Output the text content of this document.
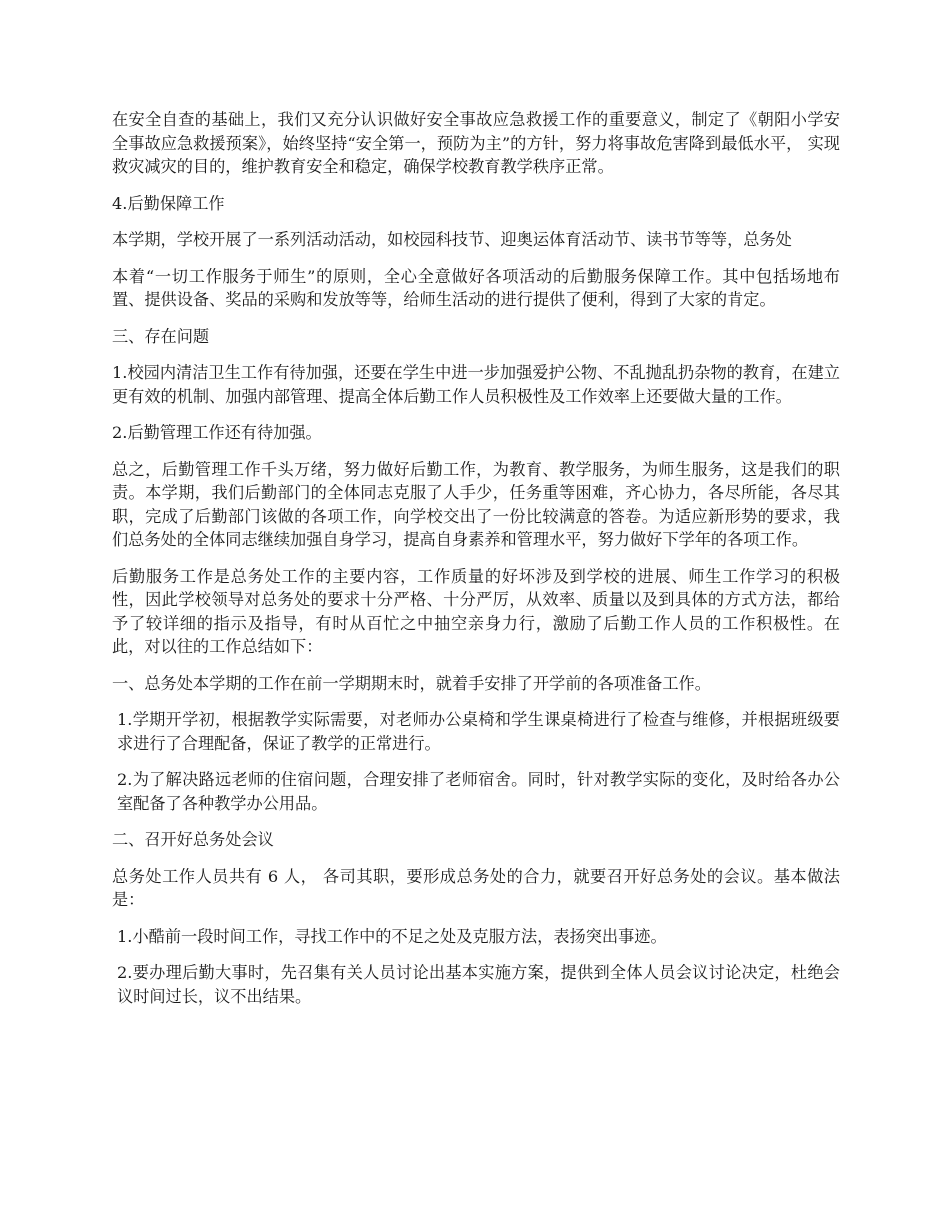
在安全自查的基础上，我们又充分认识做好安全事故应急救援工作的重要意义，制定了《朝阳小学安全事故应急救援预案》，始终坚持“安全第一，预防为主”的方针，努力将事故危害降到最低水平， 实现救灾减灾的目的，维护教育安全和稳定，确保学校教育教学秩序正常。

4.后勤保障工作

本学期，学校开展了一系列活动活动，如校园科技节、迎奥运体育活动节、读书节等等，总务处

本着“一切工作服务于师生”的原则，全心全意做好各项活动的后勤服务保障工作。其中包括场地布 置、提供设备、奖品的采购和发放等等，给师生活动的进行提供了便利，得到了大家的肯定。

三、存在问题

1.校园内清洁卫生工作有待加强，还要在学生中进一步加强爱护公物、不乱抛乱扔杂物的教育，在建立更有效的机制、加强内部管理、提高全体后勤工作人员积极性及工作效率上还要做大量的工作。

2.后勤管理工作还有待加强。

总之，后勤管理工作千头万绪，努力做好后勤工作，为教育、教学服务，为师生服务，这是我们的职责。本学期，我们后勤部门的全体同志克服了人手少，任务重等困难，齐心协力，各尽所能，各尽其职，完成了后勤部门该做的各项工作，向学校交出了一份比较满意的答卷。为适应新形势的要求，我们总务处的全体同志继续加强自身学习，提高自身素养和管理水平，努力做好下学年的各项工作。

后勤服务工作是总务处工作的主要内容，工作质量的好坏涉及到学校的进展、师生工作学习的积极性，因此学校领导对总务处的要求十分严格、十分严厉，从效率、质量以及到具体的方式方法，都给予了较详细的指示及指导，有时从百忙之中抽空亲身力行，激励了后勤工作人员的工作积极性。在此，对以往的工作总结如下：

一、总务处本学期的工作在前一学期期末时，就着手安排了开学前的各项准备工作。

1.学期开学初，根据教学实际需要，对老师办公桌椅和学生课桌椅进行了检查与维修，并根据班级要求进行了合理配备，保证了教学的正常进行。

2.为了解决路远老师的住宿问题，合理安排了老师宿舍。同时，针对教学实际的变化，及时给各办公室配备了各种教学办公用品。

二、召开好总务处会议

总务处工作人员共有 6 人， 各司其职，要形成总务处的合力，就要召开好总务处的会议。基本做法是：

1.小酷前一段时间工作，寻找工作中的不足之处及克服方法，表扬突出事迹。

2.要办理后勤大事时，先召集有关人员讨论出基本实施方案，提供到全体人员会议讨论决定，杜绝会议时间过长，议不出结果。
